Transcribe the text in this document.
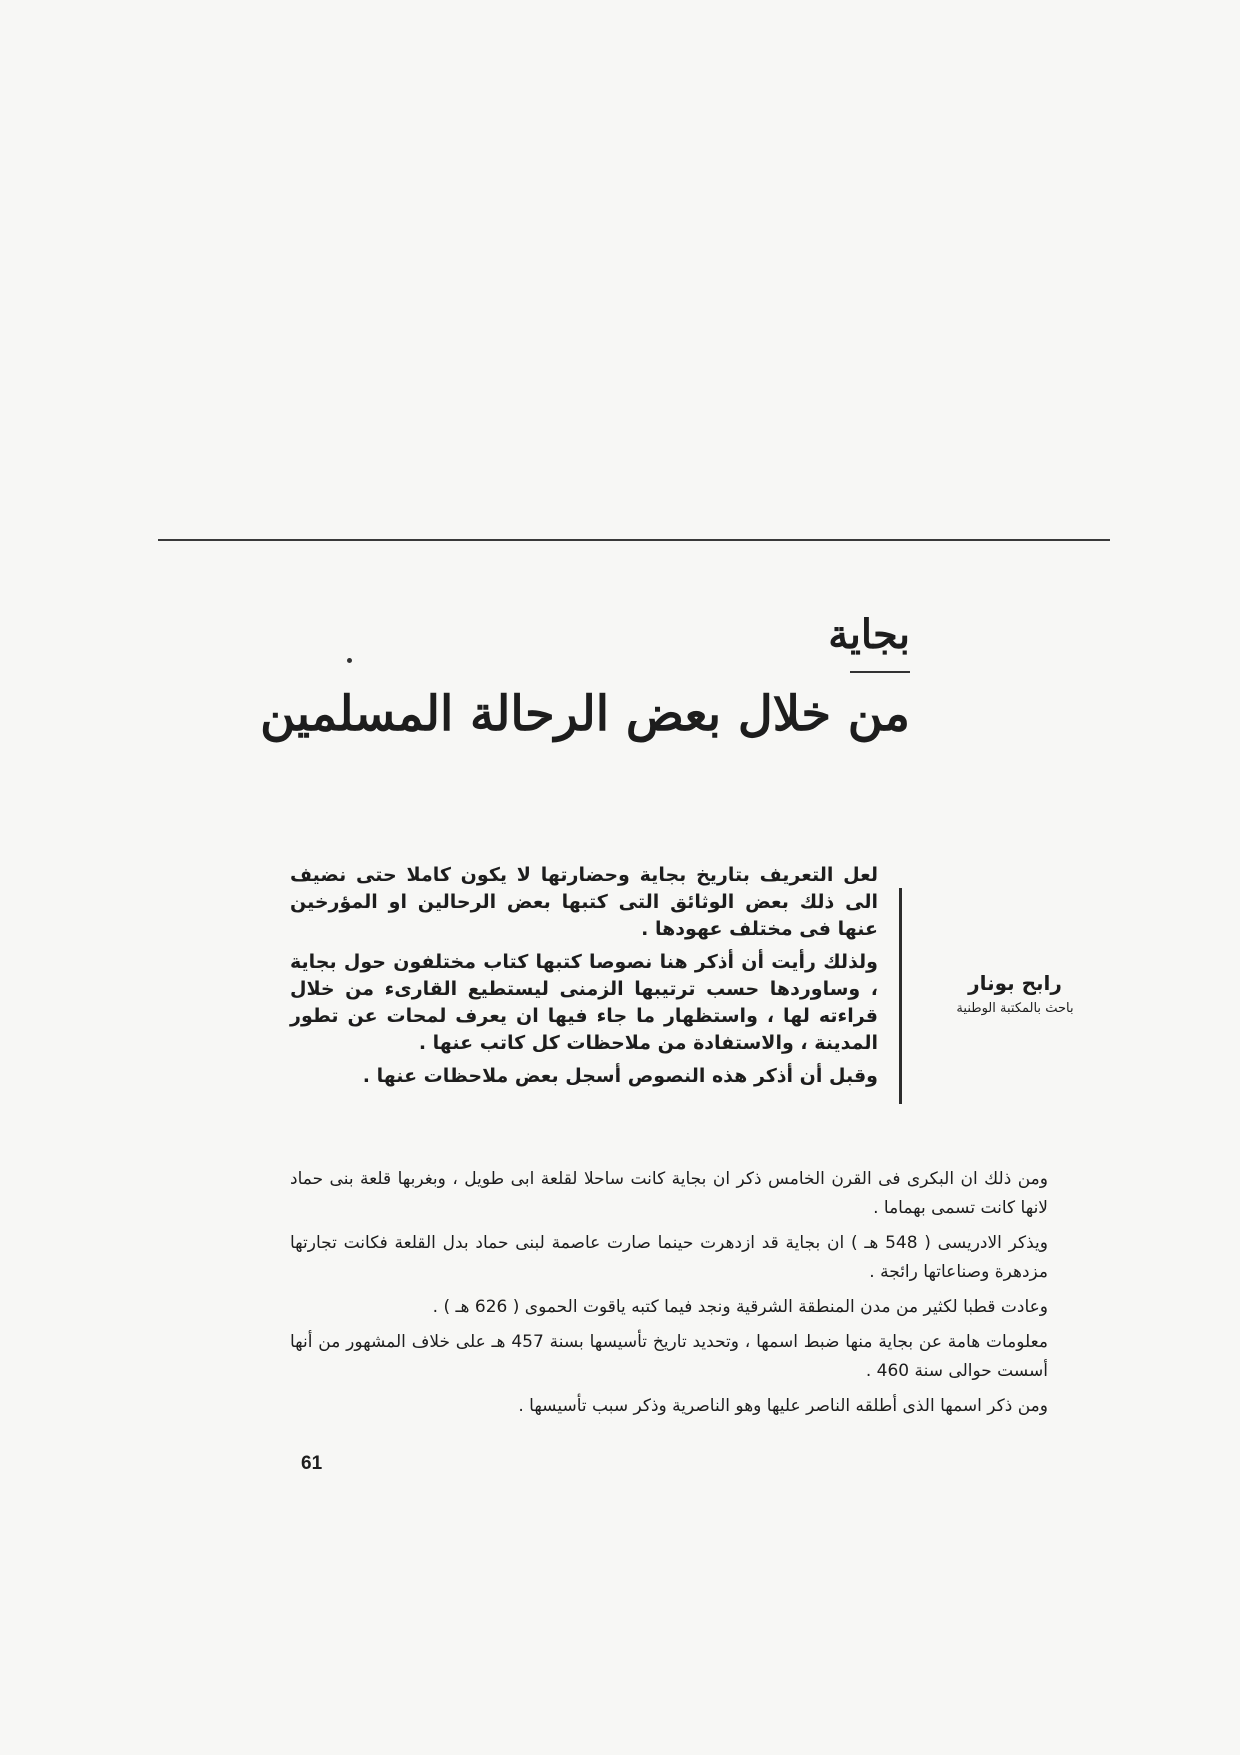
بجاية
من خلال بعض الرحالة المسلمين
رابح بونار
باحث بالمكتبة الوطنية

لعل التعريف بتاريخ بجاية وحضارتها لا يكون كاملا حتى نضيف الى ذلك بعض الوثائق التى كتبها بعض الرحالين او المؤرخين عنها فى مختلف عهودها .

ولذلك رأيت أن أذكر هنا نصوصا كتبها كتاب مختلفون حول بجاية ، وساوردها حسب ترتيبها الزمنى ليستطيع القارىء من خلال قراءته لها ، واستظهار ما جاء فيها ان يعرف لمحات عن تطور المدينة ، والاستفادة من ملاحظات كل كاتب عنها .

وقبل أن أذكر هذه النصوص أسجل بعض ملاحظات عنها .

ومن ذلك ان البكرى فى القرن الخامس ذكر ان بجاية كانت ساحلا لقلعة ابى طويل ، وبغربها قلعة بنى حماد لانها كانت تسمى بهماما .

ويذكر الادريسى ( 548 هـ ) ان بجاية قد ازدهرت حينما صارت عاصمة لبنى حماد بدل القلعة فكانت تجارتها مزدهرة وصناعاتها رائجة .

وعادت قطبا لكثير من مدن المنطقة الشرقية ونجد فيما كتبه ياقوت الحموى ( 626 هـ ) .

معلومات هامة عن بجاية منها ضبط اسمها ، وتحديد تاريخ تأسيسها بسنة 457 هـ على خلاف المشهور من أنها أسست حوالى سنة 460 .

ومن ذكر اسمها الذى أطلقه الناصر عليها وهو الناصرية وذكر سبب تأسيسها .

61
